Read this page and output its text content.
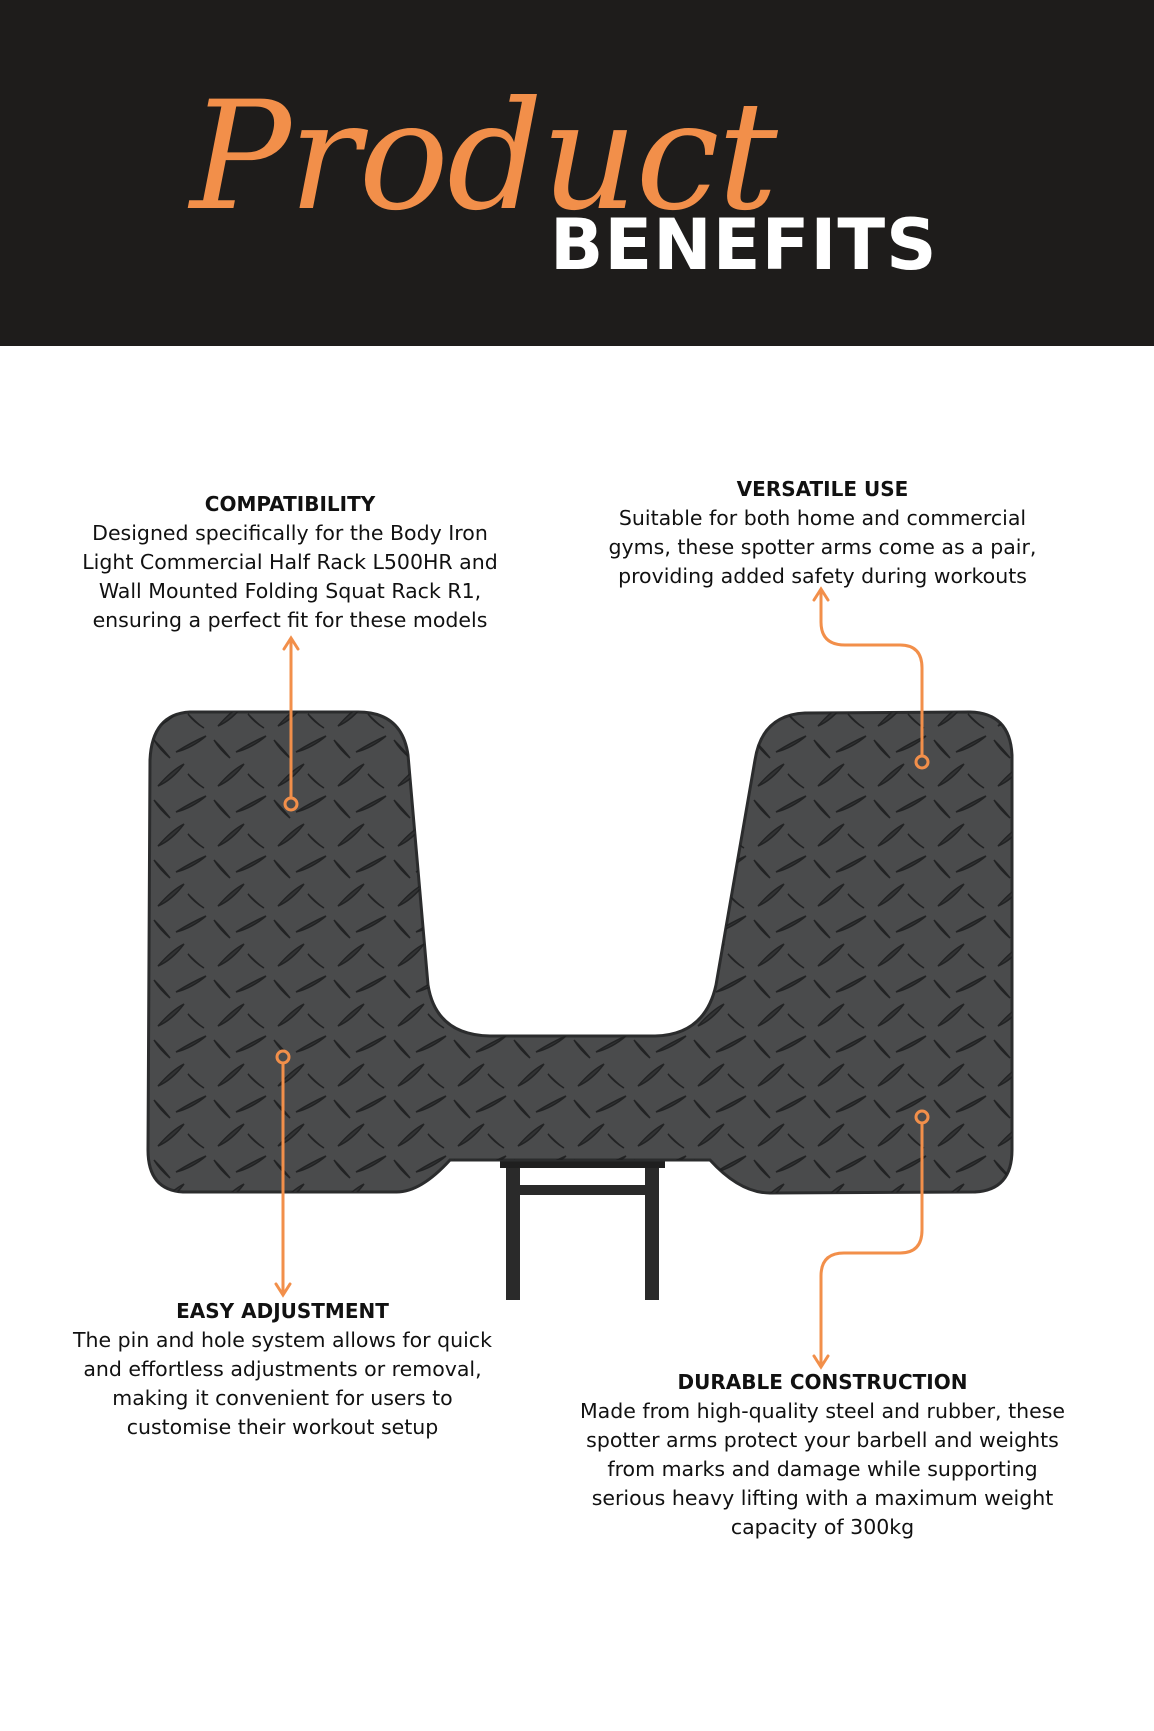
Product
BENEFITS
COMPATIBILITY
Designed specifically for the Body Iron Light Commercial Half Rack L500HR and Wall Mounted Folding Squat Rack R1, ensuring a perfect fit for these models
VERSATILE USE
Suitable for both home and commercial gyms, these spotter arms come as a pair, providing added safety during workouts
EASY ADJUSTMENT
The pin and hole system allows for quick and effortless adjustments or removal, making it convenient for users to customise their workout setup
DURABLE CONSTRUCTION
Made from high-quality steel and rubber, these spotter arms protect your barbell and weights from marks and damage while supporting serious heavy lifting with a maximum weight capacity of 300kg
